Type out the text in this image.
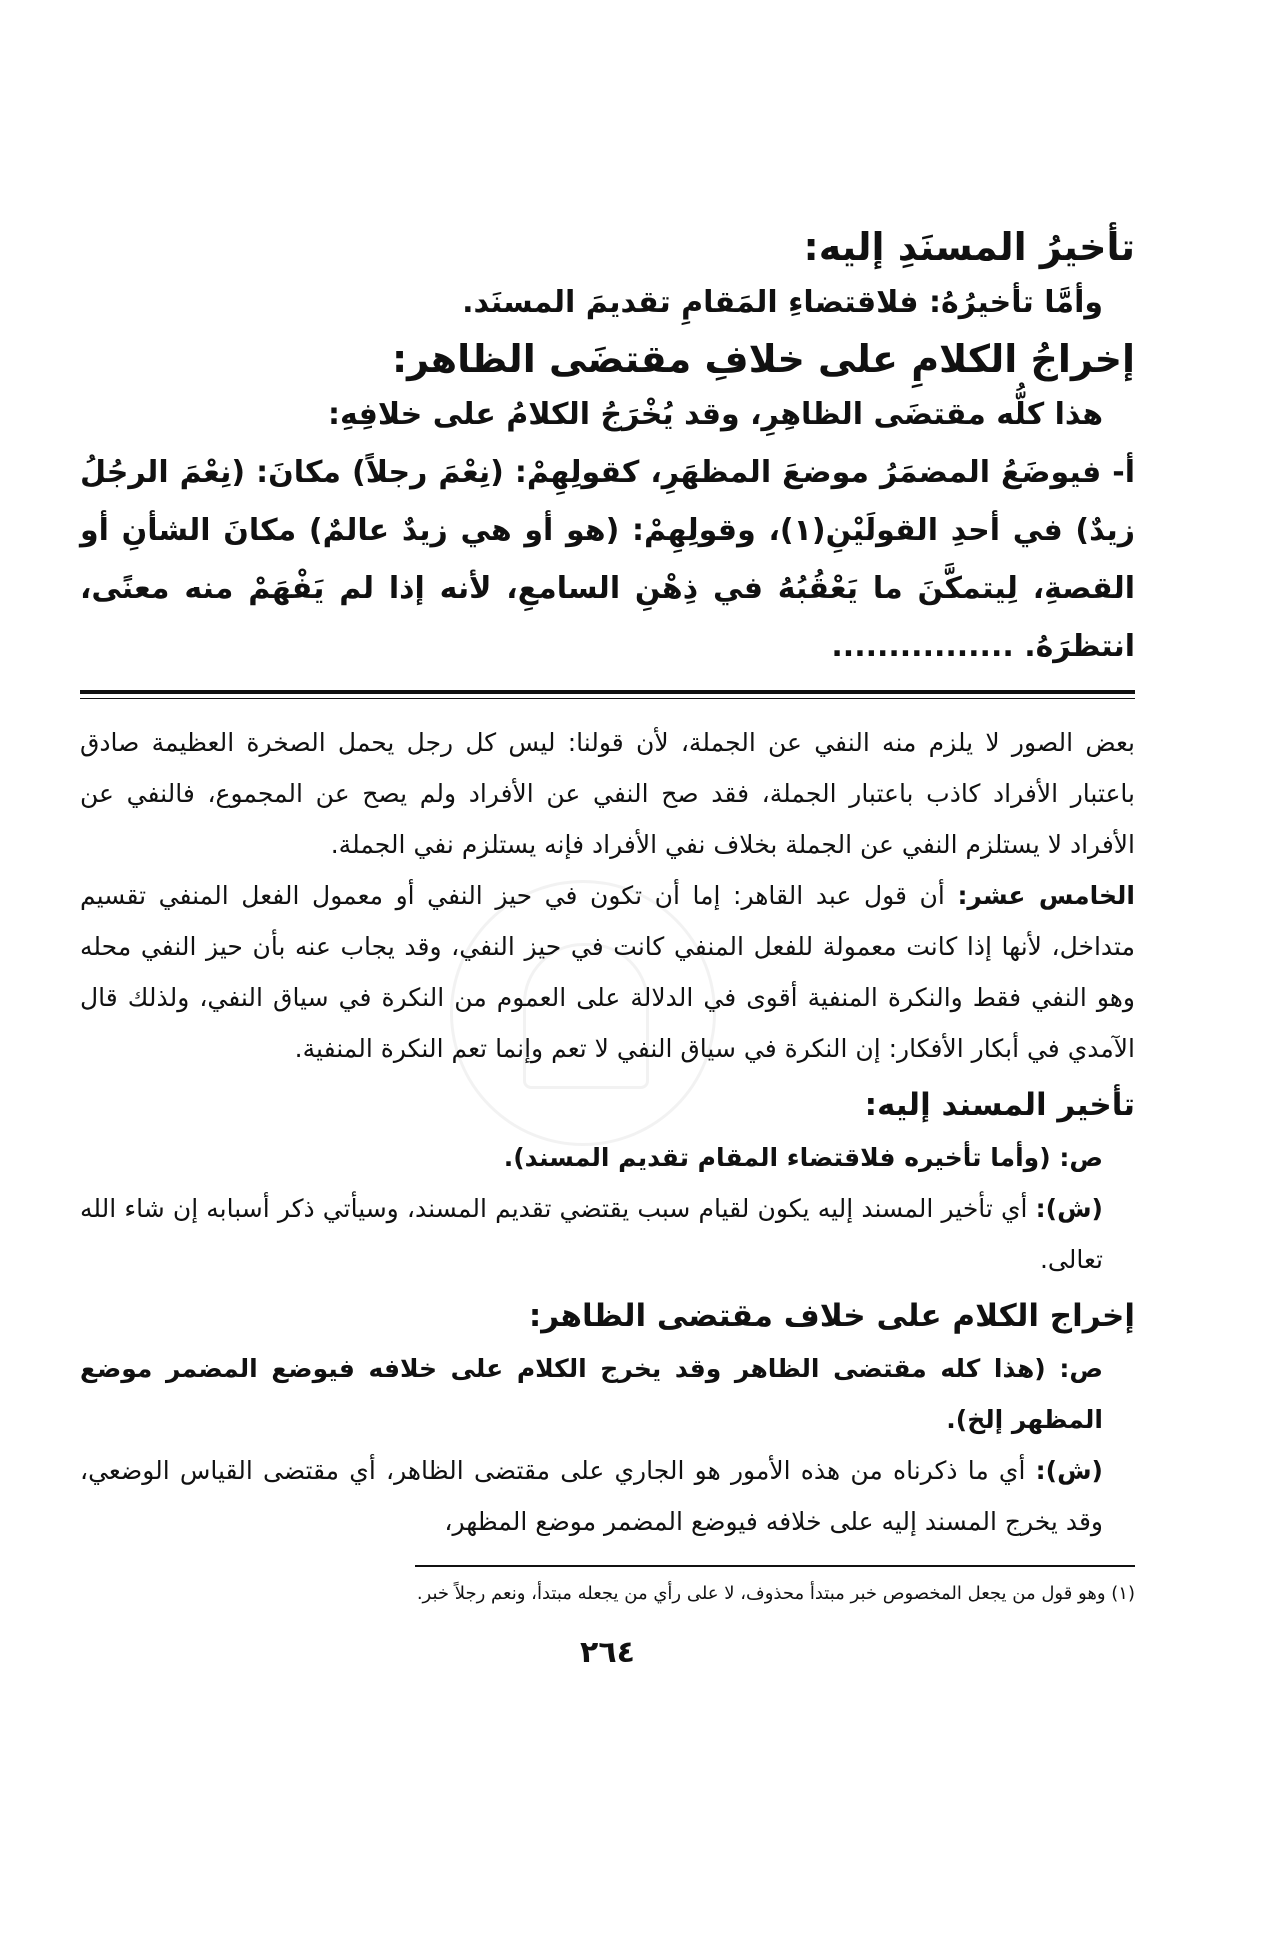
تأخيرُ المسنَدِ إليه:

وأمَّا تأخيرُهُ: فلاقتضاءِ المَقامِ تقديمَ المسنَد.

إخراجُ الكلامِ على خلافِ مقتضَى الظاهر:

هذا كلُّه مقتضَى الظاهِرِ، وقد يُخْرَجُ الكلامُ على خلافِهِ:

أ- فيوضَعُ المضمَرُ موضعَ المظهَرِ، كقولِهِمْ: (نِعْمَ رجلاً) مكانَ: (نِعْمَ الرجُلُ زيدٌ) في أحدِ القولَيْنِ(١)، وقولِهِمْ: (هو أو هي زيدٌ عالمٌ) مكانَ الشأنِ أو القصةِ، لِيتمكَّنَ ما يَعْقُبُهُ في ذِهْنِ السامعِ، لأنه إذا لم يَفْهَمْ منه معنًى، انتظرَهُ. ................

بعض الصور لا يلزم منه النفي عن الجملة، لأن قولنا: ليس كل رجل يحمل الصخرة العظيمة صادق باعتبار الأفراد كاذب باعتبار الجملة، فقد صح النفي عن الأفراد ولم يصح عن المجموع، فالنفي عن الأفراد لا يستلزم النفي عن الجملة بخلاف نفي الأفراد فإنه يستلزم نفي الجملة.

الخامس عشر: أن قول عبد القاهر: إما أن تكون في حيز النفي أو معمول الفعل المنفي تقسيم متداخل، لأنها إذا كانت معمولة للفعل المنفي كانت في حيز النفي، وقد يجاب عنه بأن حيز النفي محله وهو النفي فقط والنكرة المنفية أقوى في الدلالة على العموم من النكرة في سياق النفي، ولذلك قال الآمدي في أبكار الأفكار: إن النكرة في سياق النفي لا تعم وإنما تعم النكرة المنفية.

تأخير المسند إليه:

ص: (وأما تأخيره فلاقتضاء المقام تقديم المسند).

(ش): أي تأخير المسند إليه يكون لقيام سبب يقتضي تقديم المسند، وسيأتي ذكر أسبابه إن شاء الله تعالى.

إخراج الكلام على خلاف مقتضى الظاهر:

ص: (هذا كله مقتضى الظاهر وقد يخرج الكلام على خلافه فيوضع المضمر موضع المظهر إلخ).

(ش): أي ما ذكرناه من هذه الأمور هو الجاري على مقتضى الظاهر، أي مقتضى القياس الوضعي، وقد يخرج المسند إليه على خلافه فيوضع المضمر موضع المظهر،

(١) وهو قول من يجعل المخصوص خبر مبتدأ محذوف، لا على رأي من يجعله مبتدأ، ونعم رجلاً خبر.

٢٦٤
